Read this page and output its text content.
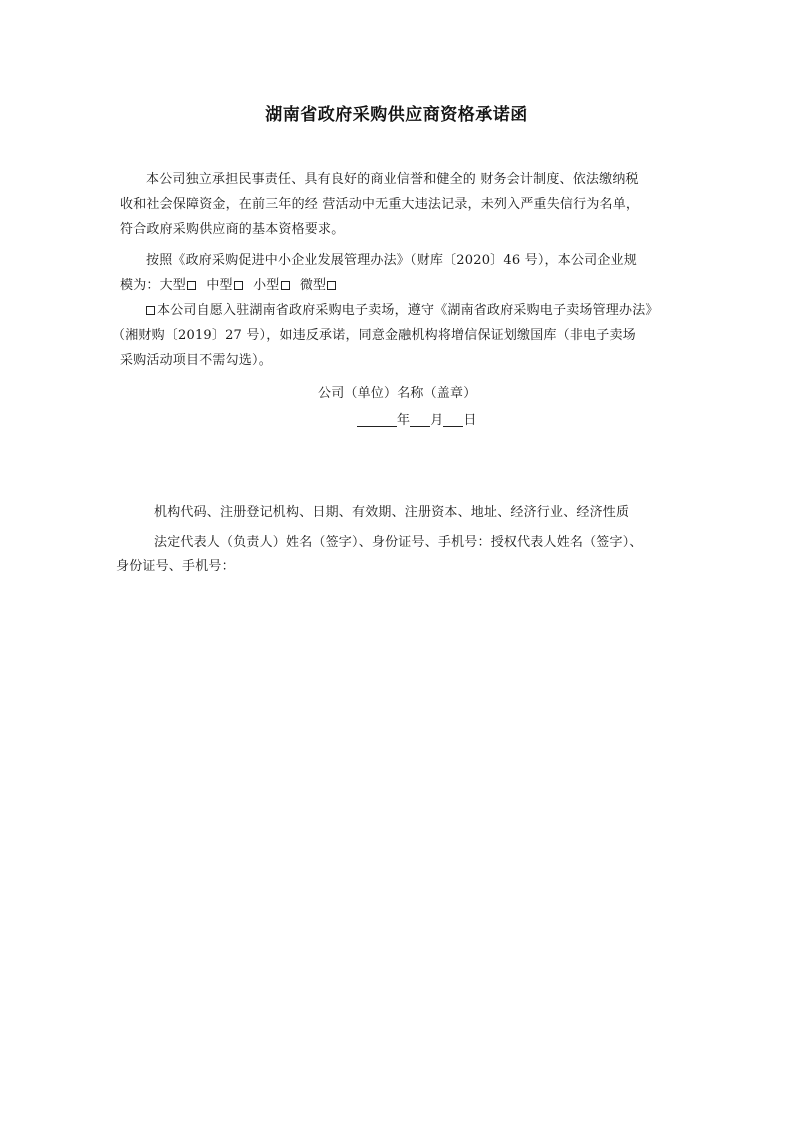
湖南省政府采购供应商资格承诺函
本公司独立承担民事责任、具有良好的商业信誉和健全的 财务会计制度、依法缴纳税
收和社会保障资金，在前三年的经 营活动中无重大违法记录，未列入严重失信行为名单，
符合政府采购供应商的基本资格要求。
按照《政府采购促进中小企业发展管理办法》（财库〔2020〕46 号），本公司企业规
模为：大型 中型 小型 微型
本公司自愿入驻湖南省政府采购电子卖场，遵守《湖南省政府采购电子卖场管理办法》
（湘财购〔2019〕27 号），如违反承诺，同意金融机构将增信保证划缴国库（非电子卖场
采购活动项目不需勾选）。
公司（单位）名称（盖章）
年 月 日
机构代码、注册登记机构、日期、有效期、注册资本、地址、经济行业、经济性质
法定代表人（负责人）姓名（签字）、身份证号、手机号：授权代表人姓名（签字）、
身份证号、手机号：
